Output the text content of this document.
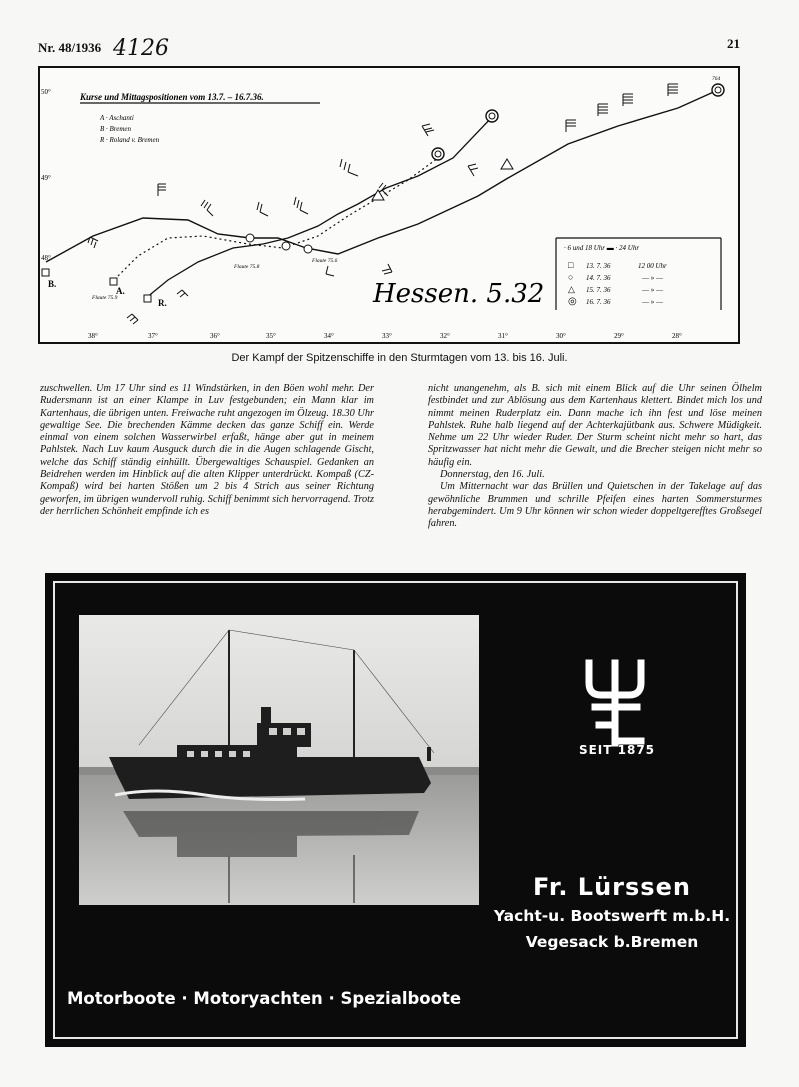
Nr. 48/1936 4126	21
50°
49°
48°
38°	37°	36°	35°	34°	33°	32°	31°	30°	29°	28°
Kurse und Mittagspositionen vom 13.7. – 16.7.36.
A · Aschanti
B · Bremen
R · Roland v. Bremen
B.
A.
R.
Flaute 75.9
Flaute 75.8
Flaute 75.6
764
Hessen. 5.32
· 6 und 18 Uhr ▬ · 24 Uhr
□ 13. 7. 36	12 00 Uhr
○ 14. 7. 36	— » —
△ 15. 7. 36	— » —
◎ 16. 7. 36	— » —
Der Kampf der Spitzenschiffe in den Sturmtagen vom 13. bis 16. Juli.

zuschwellen. Um 17 Uhr sind es 11 Windstärken, in den Böen wohl mehr. Der Rudersmann ist an einer Klampe in Luv festgebunden; ein Mann klar im Kartenhaus, die übrigen unten. Freiwache ruht angezogen im Ölzeug. 18.30 Uhr gewaltige See. Die brechenden Kämme decken das ganze Schiff ein. Werde einmal von einem solchen Wasserwirbel erfaßt, hänge aber gut in meinem Pahlstek. Nach Luv kaum Ausguck durch die in die Augen schlagende Gischt, welche das Schiff ständig einhüllt. Übergewaltiges Schauspiel. Gedanken an Beidrehen werden im Hinblick auf die alten Klipper unterdrückt. Kompaß (CZ-Kompaß) wird bei harten Stößen um 2 bis 4 Strich aus seiner Richtung geworfen, im übrigen wundervoll ruhig. Schiff benimmt sich hervorragend. Trotz der herrlichen Schönheit empfinde ich es

nicht unangenehm, als B. sich mit einem Blick auf die Uhr seinen Ölhelm festbindet und zur Ablösung aus dem Kartenhaus klettert. Bindet mich los und nimmt meinen Ruderplatz ein. Dann mache ich ihn fest und löse meinen Pahlstek. Ruhe halb liegend auf der Achterkajütbank aus. Schwere Müdigkeit. Nehme um 22 Uhr wieder Ruder. Der Sturm scheint nicht mehr so hart, das Spritzwasser hat nicht mehr die Gewalt, und die Brecher steigen nicht mehr so häufig ein.

Donnerstag, den 16. Juli.

Um Mitternacht war das Brüllen und Quietschen in der Takelage auf das gewöhnliche Brummen und schrille Pfeifen eines harten Sommersturmes herabgemindert. Um 9 Uhr können wir schon wieder doppeltgerefftes Großsegel fahren.

SEIT 1875
Fr. Lürssen
Yacht-u. Bootswerft m.b.H.
Vegesack b.Bremen
Motorboote · Motoryachten · Spezialboote
